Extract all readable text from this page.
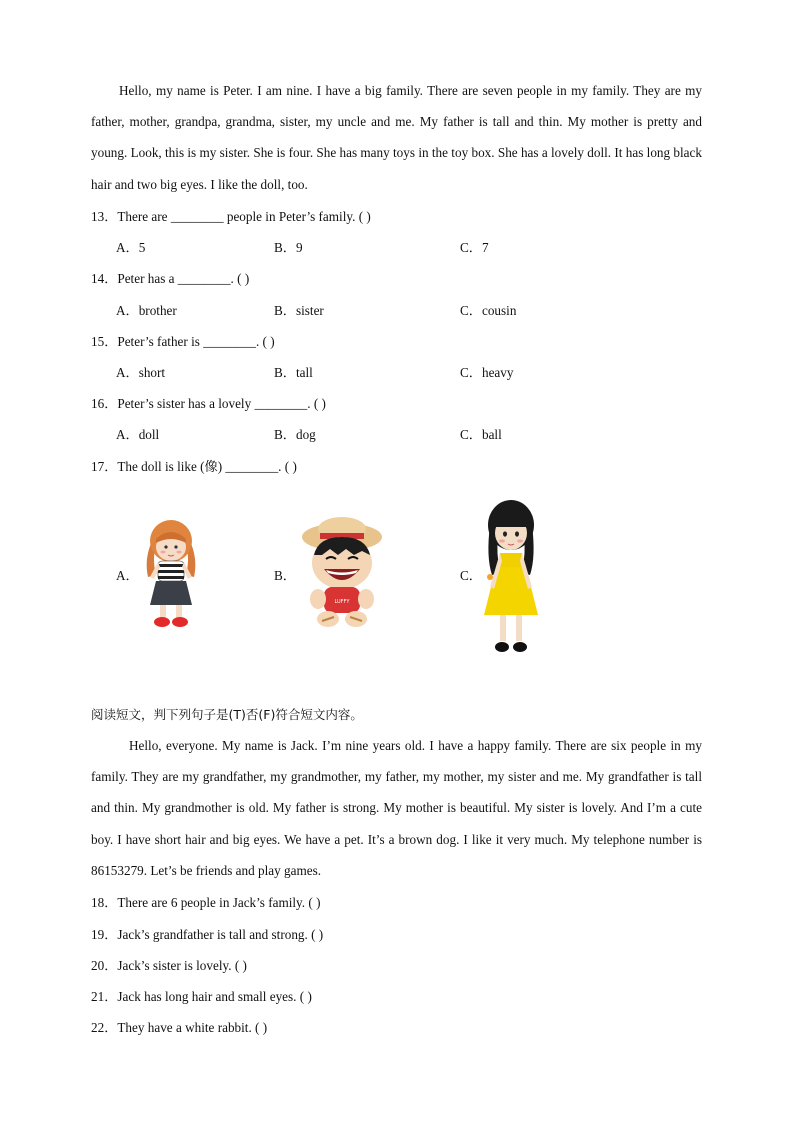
Hello, my name is Peter. I am nine. I have a big family. There are seven people in my family. They are my father, mother, grandpa, grandma, sister, my uncle and me. My father is tall and thin. My mother is pretty and young. Look, this is my sister. She is four. She has many toys in the toy box. She has a lovely doll. It has long black hair and two big eyes. I like the doll, too.

13．There are ________ people in Peter’s family. ( )
A．5	B．9	C．7
14．Peter has a ________. ( )
A．brother	B．sister	C．cousin
15．Peter’s father is ________. ( )
A．short	B．tall	C．heavy
16．Peter’s sister has a lovely ________. ( )
A．doll	B．dog	C．ball
17．The doll is like (像) ________. ( )
A．	B．	C．
LUFFY
阅读短文，判下列句子是(T)否(F)符合短文内容。

Hello, everyone. My name is Jack. I’m nine years old. I have a happy family. There are six people in my family. They are my grandfather, my grandmother, my father, my mother, my sister and me. My grandfather is tall and thin. My grandmother is old. My father is strong. My mother is beautiful. My sister is lovely. And I’m a cute boy. I have short hair and big eyes. We have a pet. It’s a brown dog. I like it very much. My telephone number is 86153279. Let’s be friends and play games.

18．There are 6 people in Jack’s family. ( )
19．Jack’s grandfather is tall and strong. ( )
20．Jack’s sister is lovely. ( )
21．Jack has long hair and small eyes. ( )
22．They have a white rabbit. ( )
